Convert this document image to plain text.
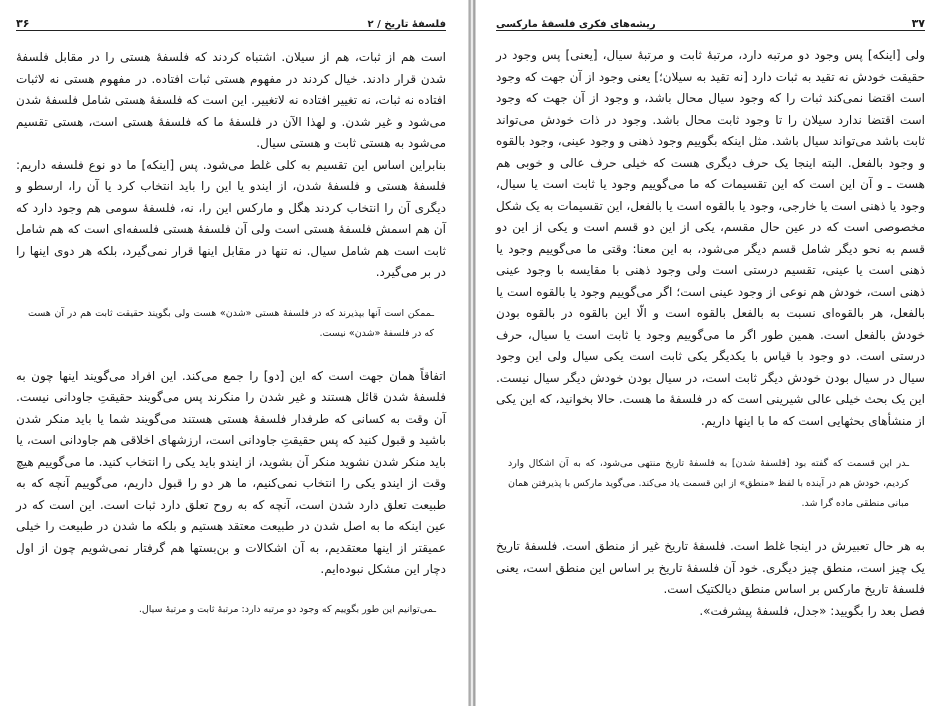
فلسفهٔ تاریخ / ۲
۳۶

است هم از ثبات، هم از سیلان. اشتباه کردند که فلسفهٔ هستی را در مقابل فلسفهٔ شدن قرار دادند. خیال کردند در مفهوم هستی ثبات افتاده. در مفهوم هستی نه لاثبات افتاده نه ثبات، نه تغییر افتاده نه لاتغییر. این است که فلسفهٔ هستی شامل فلسفهٔ شدن می‌شود و غیر شدن. و لهذا الآن در فلسفهٔ ما که فلسفهٔ هستی است، هستی تقسیم می‌شود به هستی ثابت و هستی سیال.

بنابراین اساس این تقسیم به کلی غلط می‌شود. پس [اینکه] ما دو نوع فلسفه داریم: فلسفهٔ هستی و فلسفهٔ شدن، از ایندو یا این را باید انتخاب کرد یا آن را، ارسطو و دیگری آن را انتخاب کردند هگل و مارکس این را، نه، فلسفهٔ سومی هم وجود دارد که آن هم اسمش فلسفهٔ هستی است ولی آن فلسفهٔ هستی فلسفه‌ای است که هم شامل ثابت است هم شامل سیال. نه تنها در مقابل اینها قرار نمی‌گیرد، بلکه هر دوی اینها را در بر می‌گیرد.

ـممکن است آنها بپذیرند که در فلسفهٔ هستی «شدن» هست ولی بگویند حقیقت ثابت هم در آن هست که در فلسفهٔ «شدن» نیست.

اتفاقاً همان جهت است که این [دو] را جمع می‌کند. این افراد می‌گویند اینها چون به فلسفهٔ شدن قائل هستند و غیر شدن را منکرند پس می‌گویند حقیقتِ جاودانی نیست. آن وقت به کسانی که طرفدار فلسفهٔ هستی هستند می‌گویند شما یا باید منکر شدن باشید و قبول کنید که پس حقیقتِ جاودانی است، ارزشهای اخلاقی هم جاودانی است، یا باید منکر شدن نشوید منکر آن بشوید، از ایندو باید یکی را انتخاب کنید. ما می‌گوییم هیچ وقت از ایندو یکی را انتخاب نمی‌کنیم، ما هر دو را قبول داریم، می‌گوییم آنچه که به طبیعت تعلق دارد شدن است، آنچه که به روح تعلق دارد ثبات است. این است که در عین اینکه ما به اصل شدن در طبیعت معتقد هستیم و بلکه ما شدن در طبیعت را خیلی عمیقتر از اینها معتقدیم، به آن اشکالات و بن‌بستها هم گرفتار نمی‌شویم چون از اول دچار این مشکل نبوده‌ایم.

ـمی‌توانیم این طور بگوییم که وجود دو مرتبه دارد: مرتبهٔ ثابت و مرتبهٔ سیال.
۳۷
ریشه‌های فکری فلسفهٔ مارکسی

ولی [اینکه] پس وجود دو مرتبه دارد، مرتبهٔ ثابت و مرتبهٔ سیال، [یعنی] پس وجود در حقیقت خودش نه تقید به ثبات دارد [نه تقید به سیلان؛] یعنی وجود از آن جهت که وجود است اقتضا نمی‌کند ثبات را که وجود سیال محال باشد، و وجود از آن جهت که وجود است اقتضا ندارد سیلان را تا وجود ثابت محال باشد. وجود در ذات خودش می‌تواند ثابت باشد می‌تواند سیال باشد. مثل اینکه بگوییم وجود ذهنی و وجود عینی، وجود بالقوه و وجود بالفعل. البته اینجا یک حرف دیگری هست که خیلی حرف عالی و خوبی هم هست ـ و آن این است که این تقسیمات که ما می‌گوییم وجود یا ثابت است یا سیال، وجود یا ذهنی است یا خارجی، وجود یا بالقوه است یا بالفعل، این تقسیمات به یک شکل مخصوصی است که در عین حال مقسم، یکی از این دو قسم است و یکی از این دو قسم به نحو دیگر شامل قسم دیگر می‌شود، به این معنا: وقتی ما می‌گوییم وجود یا ذهنی است یا عینی، تقسیم درستی است ولی وجود ذهنی با مقایسه با وجود عینی ذهنی است، خودش هم نوعی از وجود عینی است؛ اگر می‌گوییم وجود یا بالقوه است یا بالفعل، هر بالقوه‌ای نسبت به بالفعل بالقوه است و الّا این بالقوه در بالقوه بودن خودش بالفعل است. همین طور اگر ما می‌گوییم وجود یا ثابت است یا سیال، حرف درستی است. دو وجود با قیاس با یکدیگر یکی ثابت است یکی سیال ولی این وجود سیال در سیال بودن خودش دیگر ثابت است، در سیال بودن خودش دیگر سیال نیست. این یک بحث خیلی عالی شیرینی است که در فلسفهٔ ما هست. حالا بخوانید، که این یکی از منشأهای بحثهایی است که ما با اینها داریم.

ـدر این قسمت که گفته بود [فلسفهٔ شدن] به فلسفهٔ تاریخ منتهی می‌شود، که به آن اشکال وارد کردیم، خودش هم در آینده با لفظ «منطق» از این قسمت یاد می‌کند. می‌گوید مارکس با پذیرفتن همان مبانی منطقی ماده گرا شد.

به هر حال تعبیرش در اینجا غلط است. فلسفهٔ تاریخ غیر از منطق است. فلسفهٔ تاریخ یک چیز است، منطق چیز دیگری. خود آن فلسفهٔ تاریخ بر اساس این منطق است، یعنی فلسفهٔ تاریخ مارکس بر اساس منطق دیالکتیک است.

فصل بعد را بگویید: «جدل، فلسفهٔ پیشرفت».
